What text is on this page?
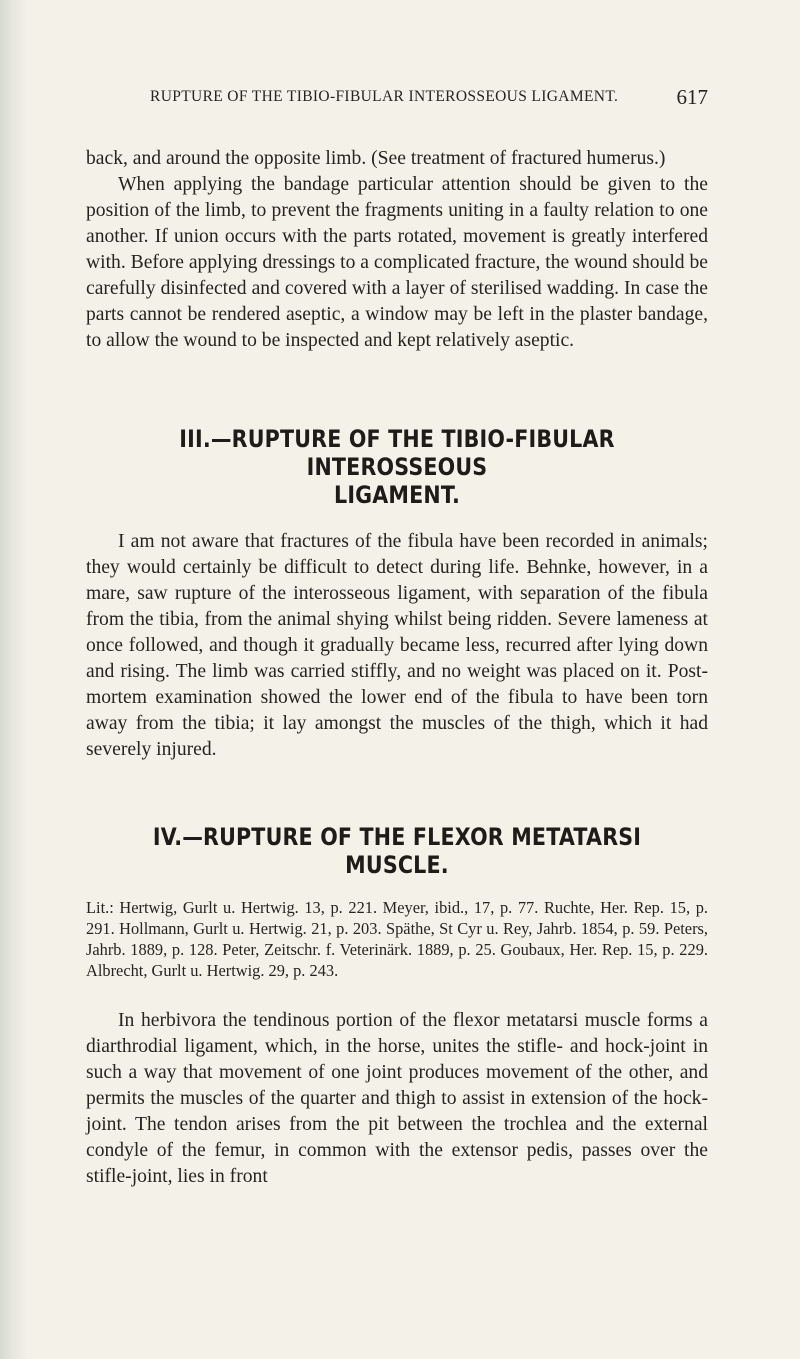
RUPTURE OF THE TIBIO-FIBULAR INTEROSSEOUS LIGAMENT.	617

back, and around the opposite limb. (See treatment of fractured humerus.)

When applying the bandage particular attention should be given to the position of the limb, to prevent the fragments uniting in a faulty relation to one another. If union occurs with the parts rotated, movement is greatly interfered with. Before applying dressings to a complicated fracture, the wound should be carefully disinfected and covered with a layer of sterilised wadding. In case the parts cannot be rendered aseptic, a window may be left in the plaster bandage, to allow the wound to be inspected and kept relatively aseptic.

III.—RUPTURE OF THE TIBIO-FIBULAR INTEROSSEOUS
LIGAMENT.

I am not aware that fractures of the fibula have been recorded in animals; they would certainly be difficult to detect during life. Behnke, however, in a mare, saw rupture of the interosseous ligament, with separation of the fibula from the tibia, from the animal shying whilst being ridden. Severe lameness at once followed, and though it gradually became less, recurred after lying down and rising. The limb was carried stiffly, and no weight was placed on it. Post-mortem examination showed the lower end of the fibula to have been torn away from the tibia; it lay amongst the muscles of the thigh, which it had severely injured.

IV.—RUPTURE OF THE FLEXOR METATARSI MUSCLE.

Lit.: Hertwig, Gurlt u. Hertwig. 13, p. 221. Meyer, ibid., 17, p. 77. Ruchte, Her. Rep. 15, p. 291. Hollmann, Gurlt u. Hertwig. 21, p. 203. Späthe, St Cyr u. Rey, Jahrb. 1854, p. 59. Peters, Jahrb. 1889, p. 128. Peter, Zeitschr. f. Veterinärk. 1889, p. 25. Goubaux, Her. Rep. 15, p. 229. Albrecht, Gurlt u. Hertwig. 29, p. 243.

In herbivora the tendinous portion of the flexor metatarsi muscle forms a diarthrodial ligament, which, in the horse, unites the stifle- and hock-joint in such a way that movement of one joint produces movement of the other, and permits the muscles of the quarter and thigh to assist in extension of the hock-joint. The tendon arises from the pit between the trochlea and the external condyle of the femur, in common with the extensor pedis, passes over the stifle-joint, lies in front
